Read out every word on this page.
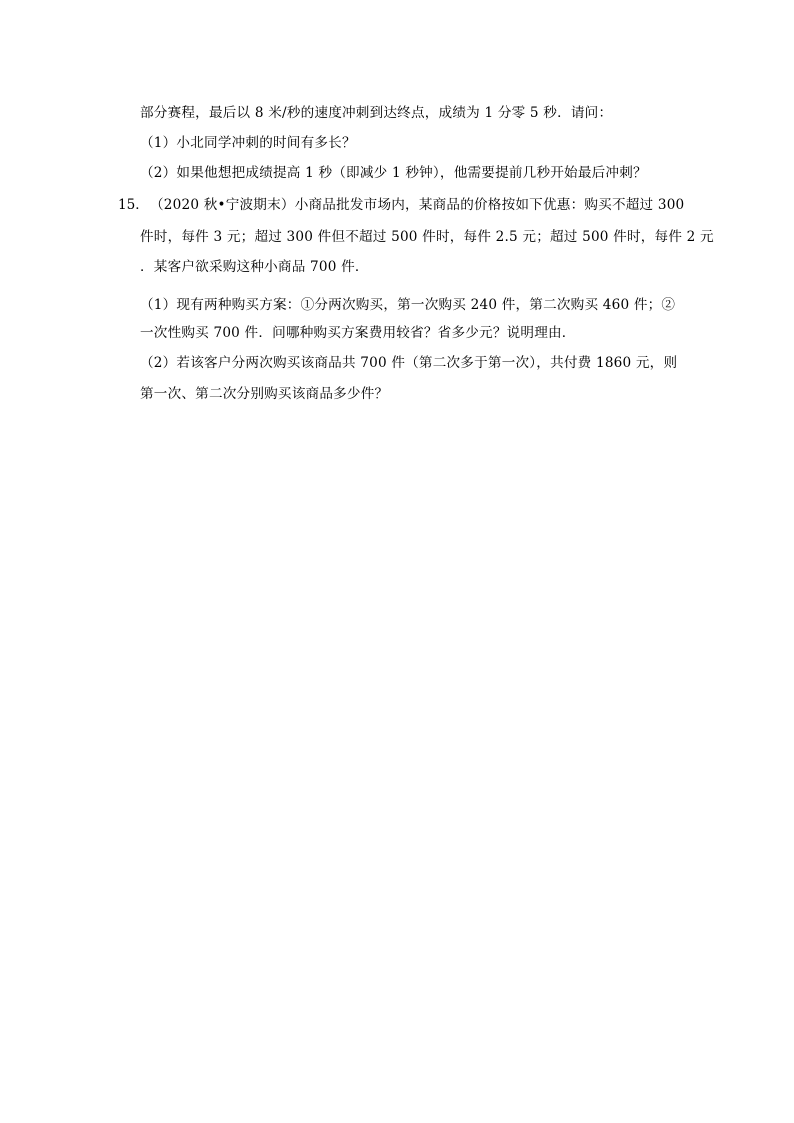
部分赛程，最后以 8 米/秒的速度冲刺到达终点，成绩为 1 分零 5 秒．请问：
（1）小北同学冲刺的时间有多长？
（2）如果他想把成绩提高 1 秒（即减少 1 秒钟），他需要提前几秒开始最后冲刺？
15． （2020 秋•宁波期末）小商品批发市场内，某商品的价格按如下优惠：购买不超过 300
件时，每件 3 元；超过 300 件但不超过 500 件时，每件 2.5 元；超过 500 件时，每件 2 元
．某客户欲采购这种小商品 700 件．
（1）现有两种购买方案：①分两次购买，第一次购买 240 件，第二次购买 460 件；②
一次性购买 700 件．问哪种购买方案费用较省？省多少元？说明理由．
（2）若该客户分两次购买该商品共 700 件（第二次多于第一次），共付费 1860 元，则
第一次、第二次分别购买该商品多少件？
